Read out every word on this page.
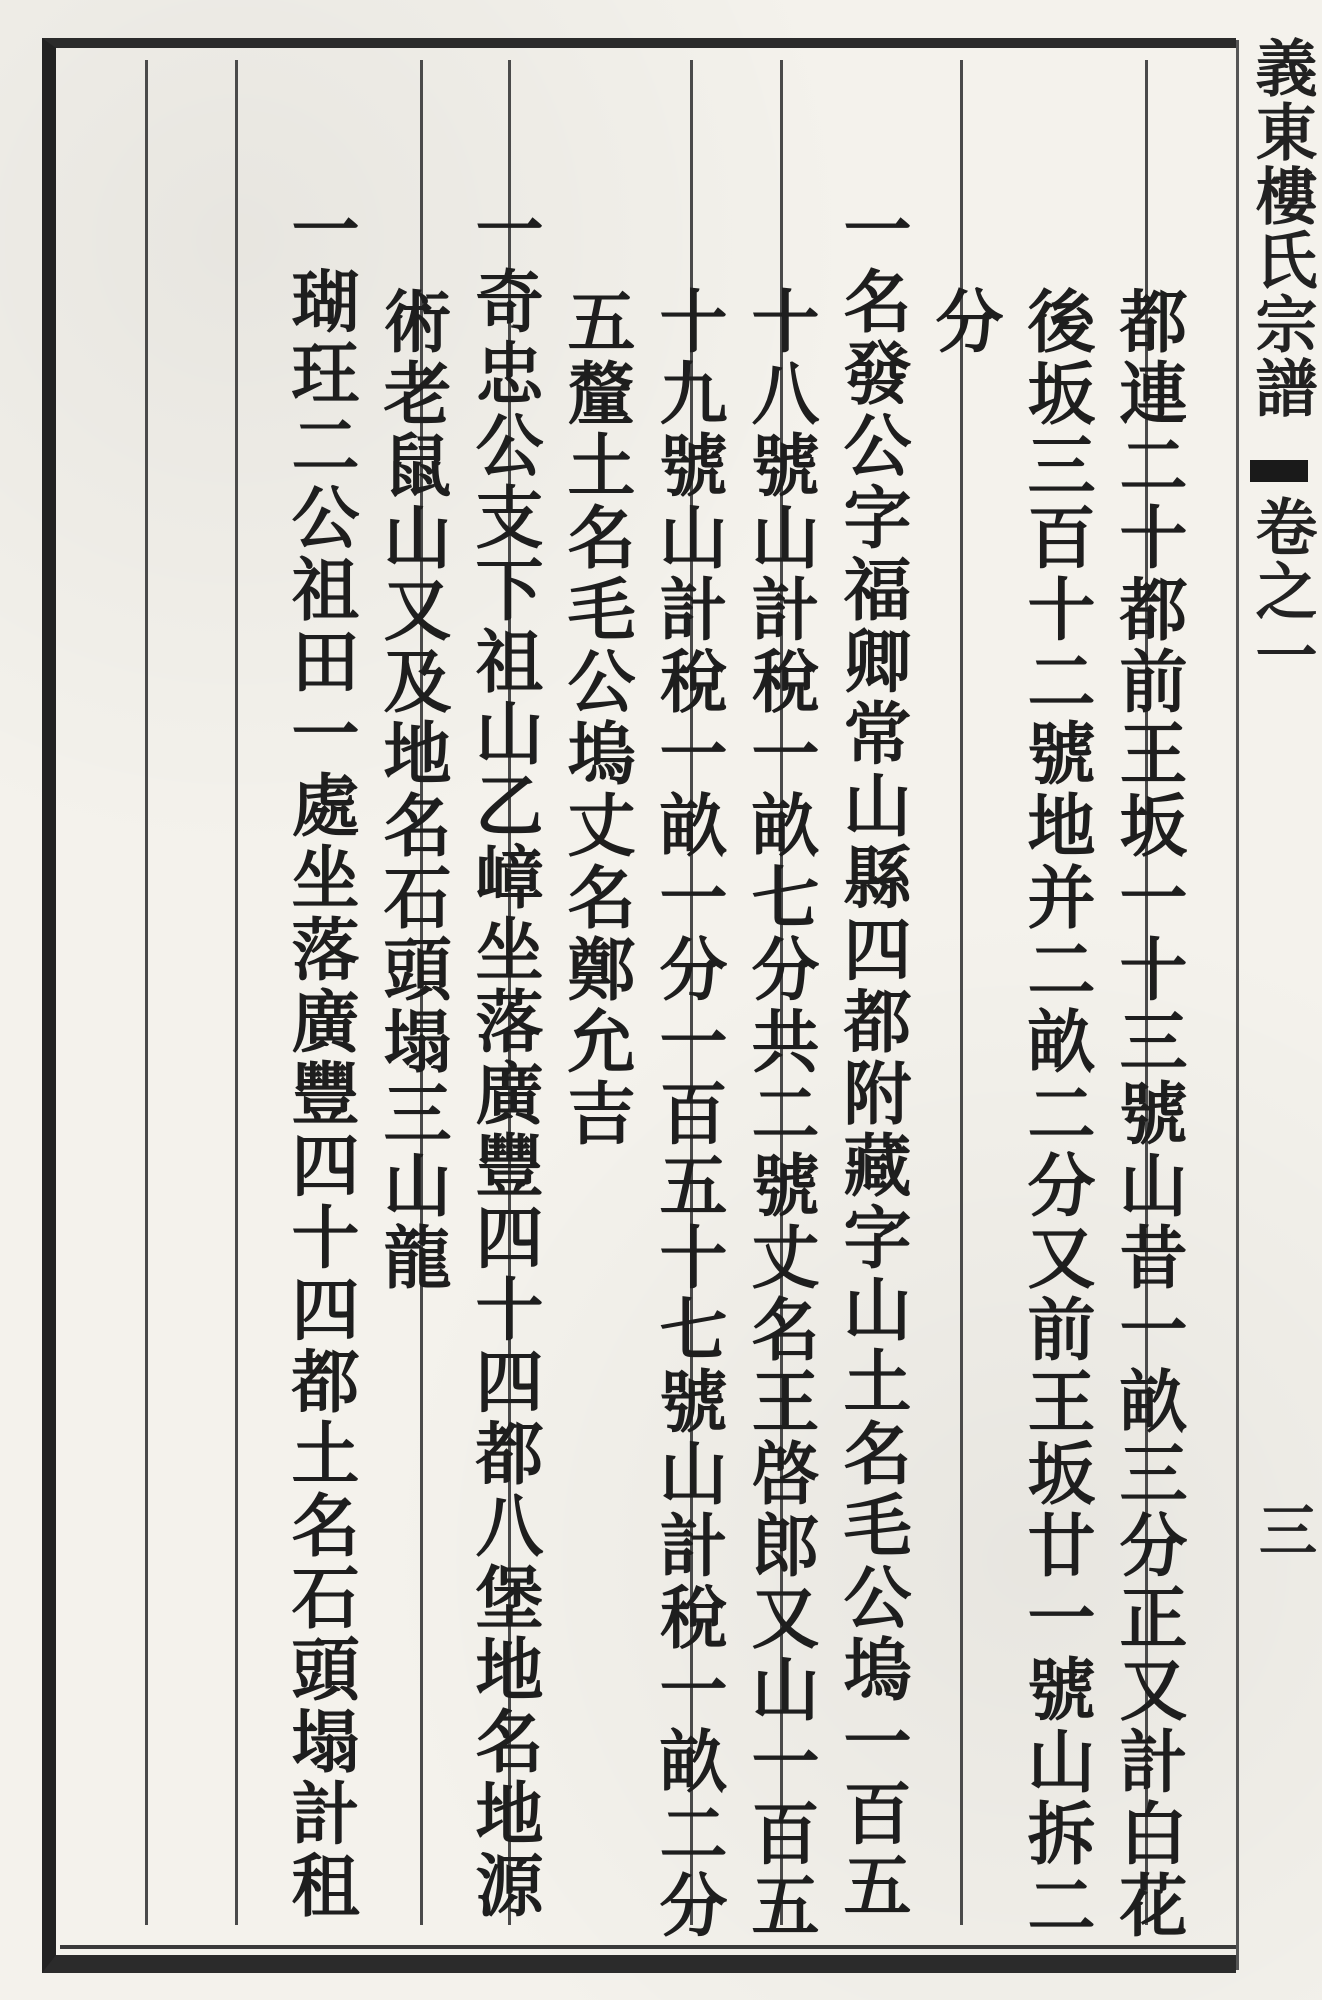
都連二十都前王坂一十三號山昔一畝三分正又計白花
後坂三百十二號地并二畝二分又前王坂廿一號山拆二
分
一名發公字福卿常山縣四都附藏字山土名毛公塢一百五
十八號山計稅一畝七分共二號丈名王啓郎又山一百五
十九號山計稅一畝一分一百五十七號山計稅一畝二分
五釐土名毛公塢丈名鄭允吉
一奇忠公支下祖山乙嶂坐落廣豐四十四都八堡地名地源
術老鼠山又及地名石頭塌三山龍
一瑚玨二公祖田一處坐落廣豐四十四都土名石頭塌計租	義東樓氏宗譜 卷之一
三
